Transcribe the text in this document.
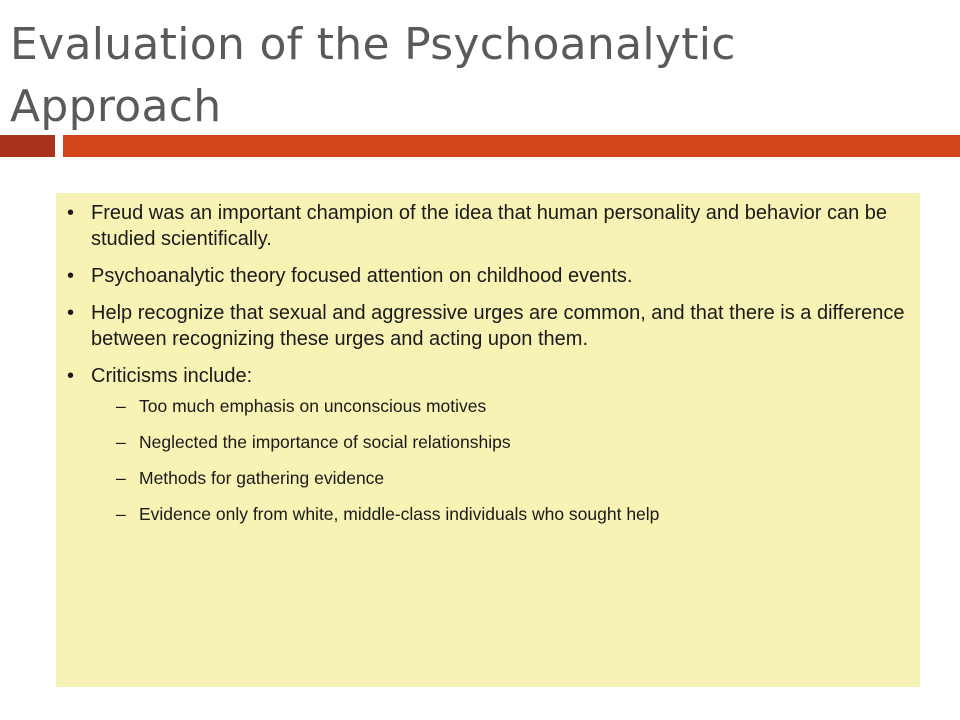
Evaluation of the Psychoanalytic Approach
• Freud was an important champion of the idea that human personality and behavior can be studied scientifically.
• Psychoanalytic theory focused attention on childhood events.
• Help recognize that sexual and aggressive urges are common, and that there is a difference between recognizing these urges and acting upon them.
• Criticisms include:
– Too much emphasis on unconscious motives
– Neglected the importance of social relationships
– Methods for gathering evidence
– Evidence only from white, middle-class individuals who sought help
